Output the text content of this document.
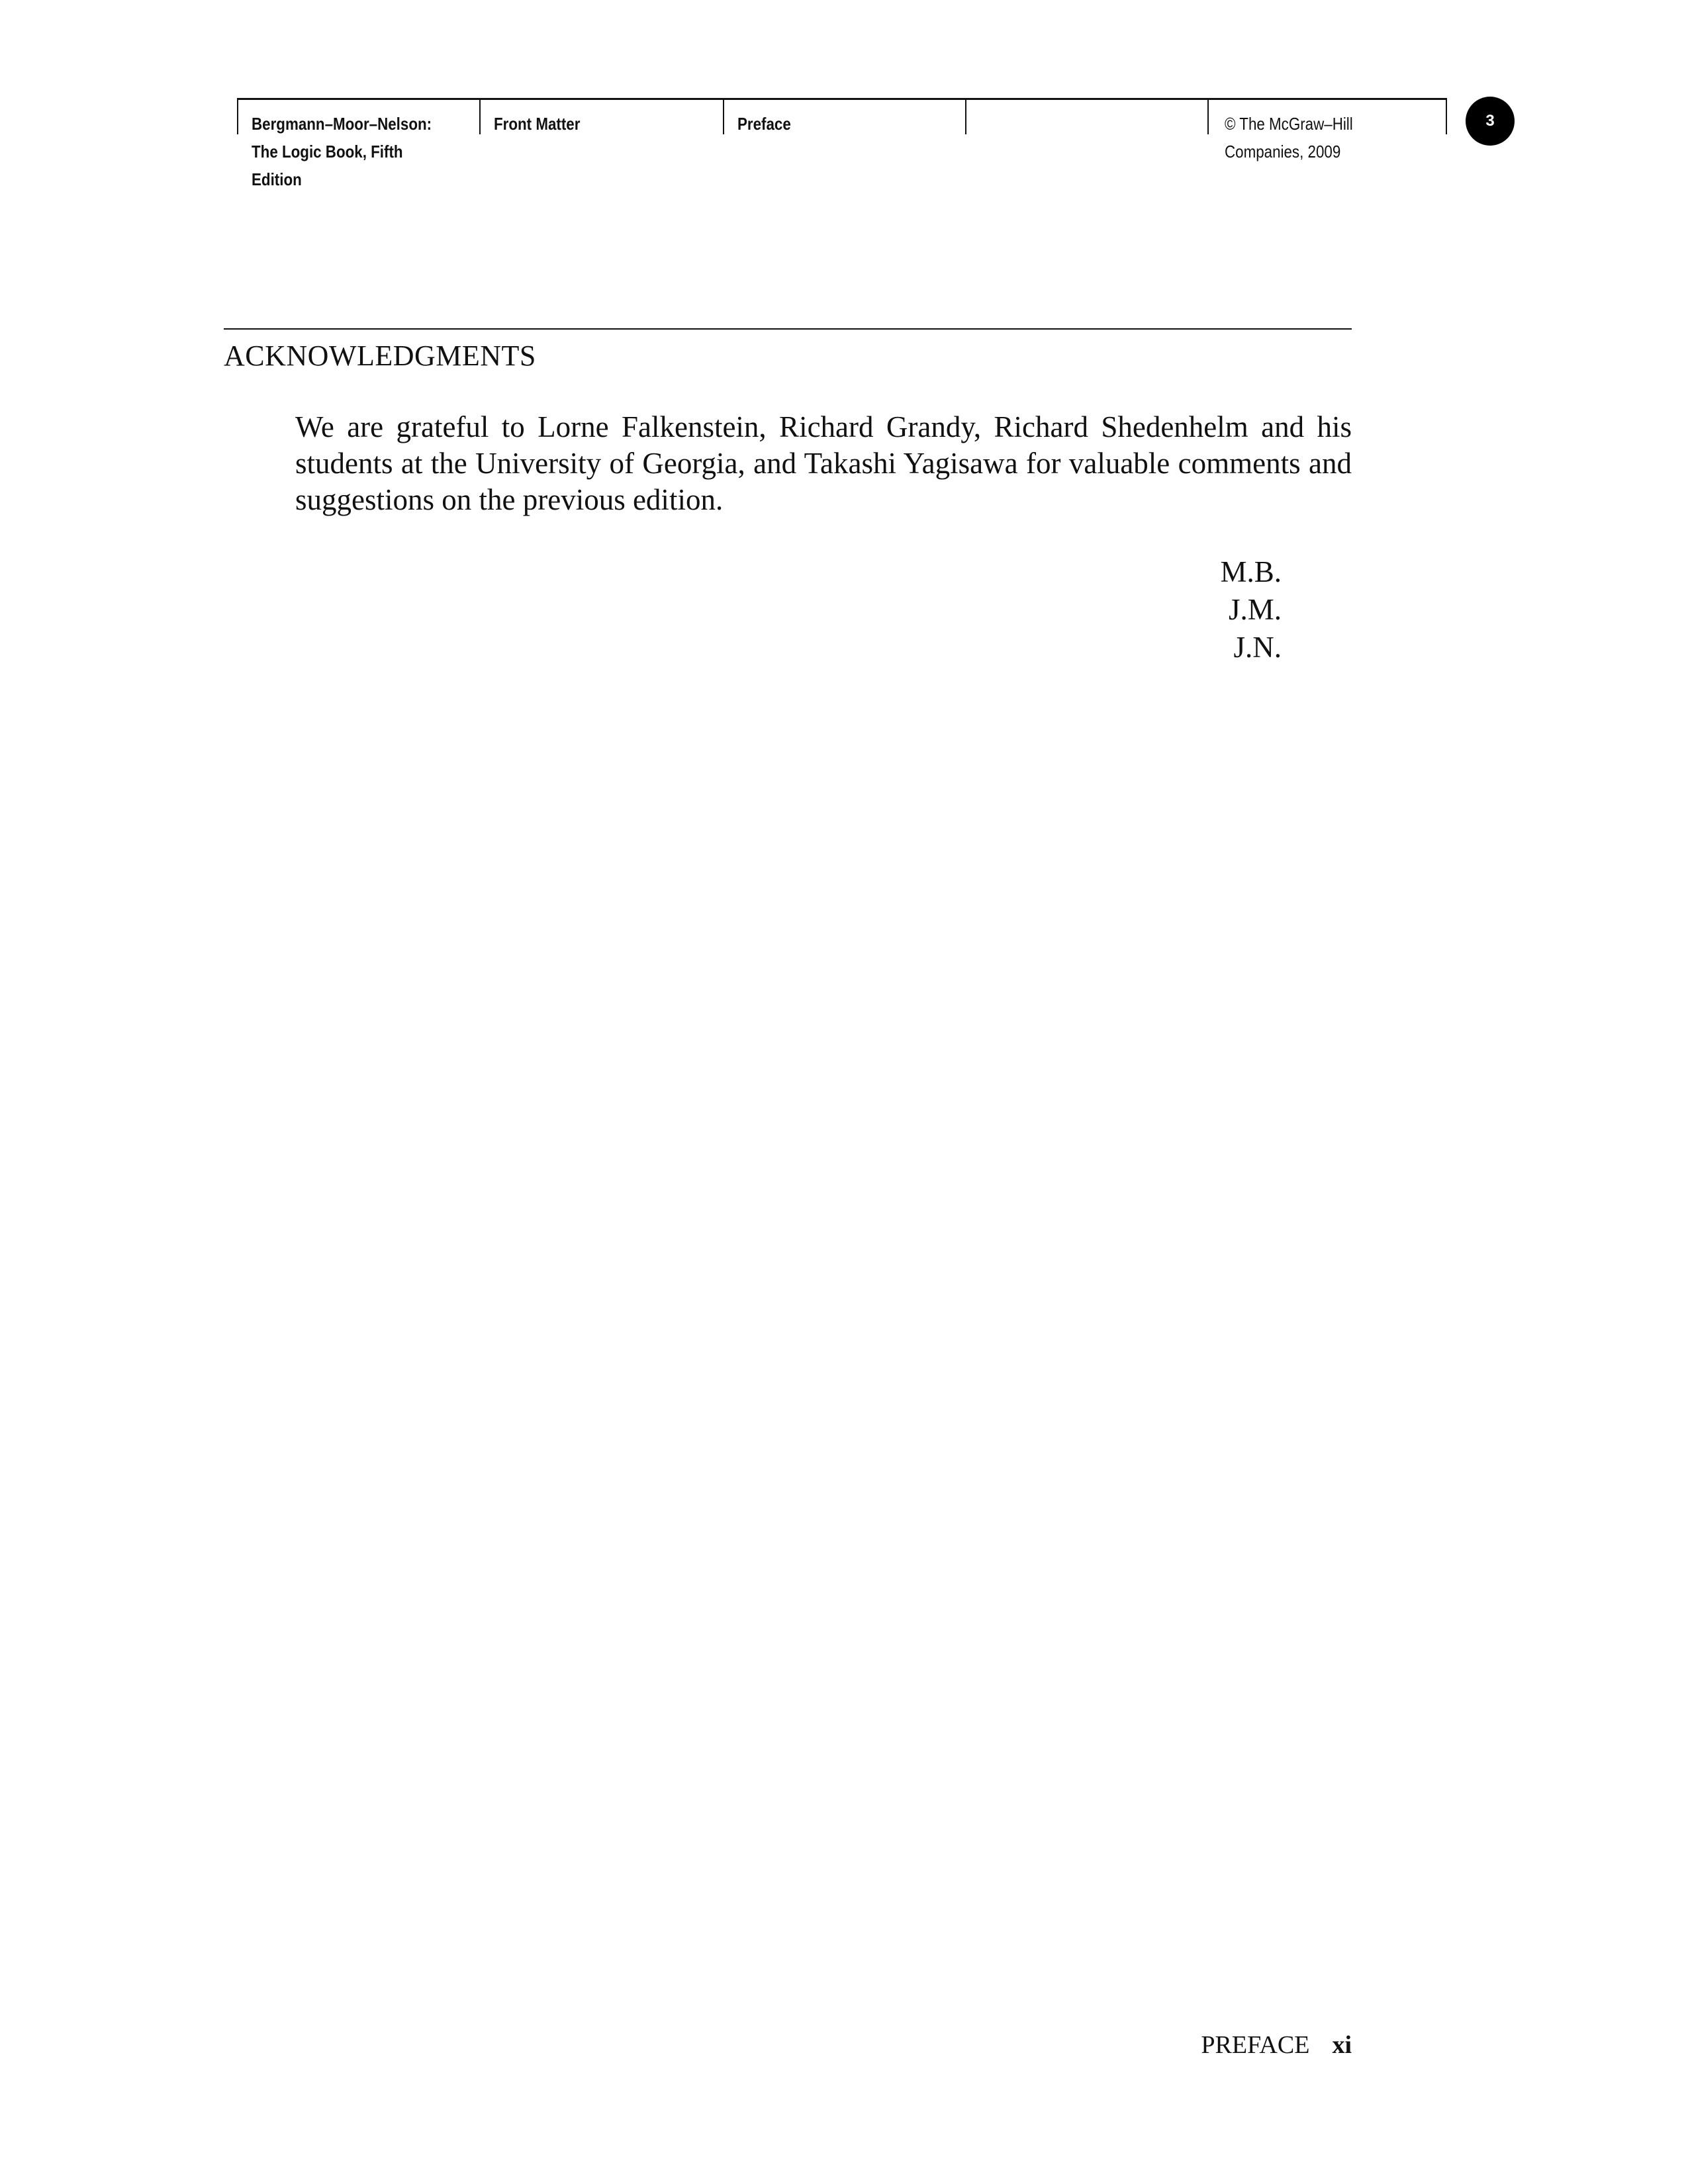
Bergmann–Moor–Nelson:
The Logic Book, Fifth
Edition
Front Matter	Preface	© The McGraw–Hill
Companies, 2009
3
ACKNOWLEDGMENTS

We are grateful to Lorne Falkenstein, Richard Grandy, Richard Shedenhelm and his students at the University of Georgia, and Takashi Yagisawa for valuable comments and suggestions on the previous edition.

M.B.
J.M.
J.N.
PREFACE xi
